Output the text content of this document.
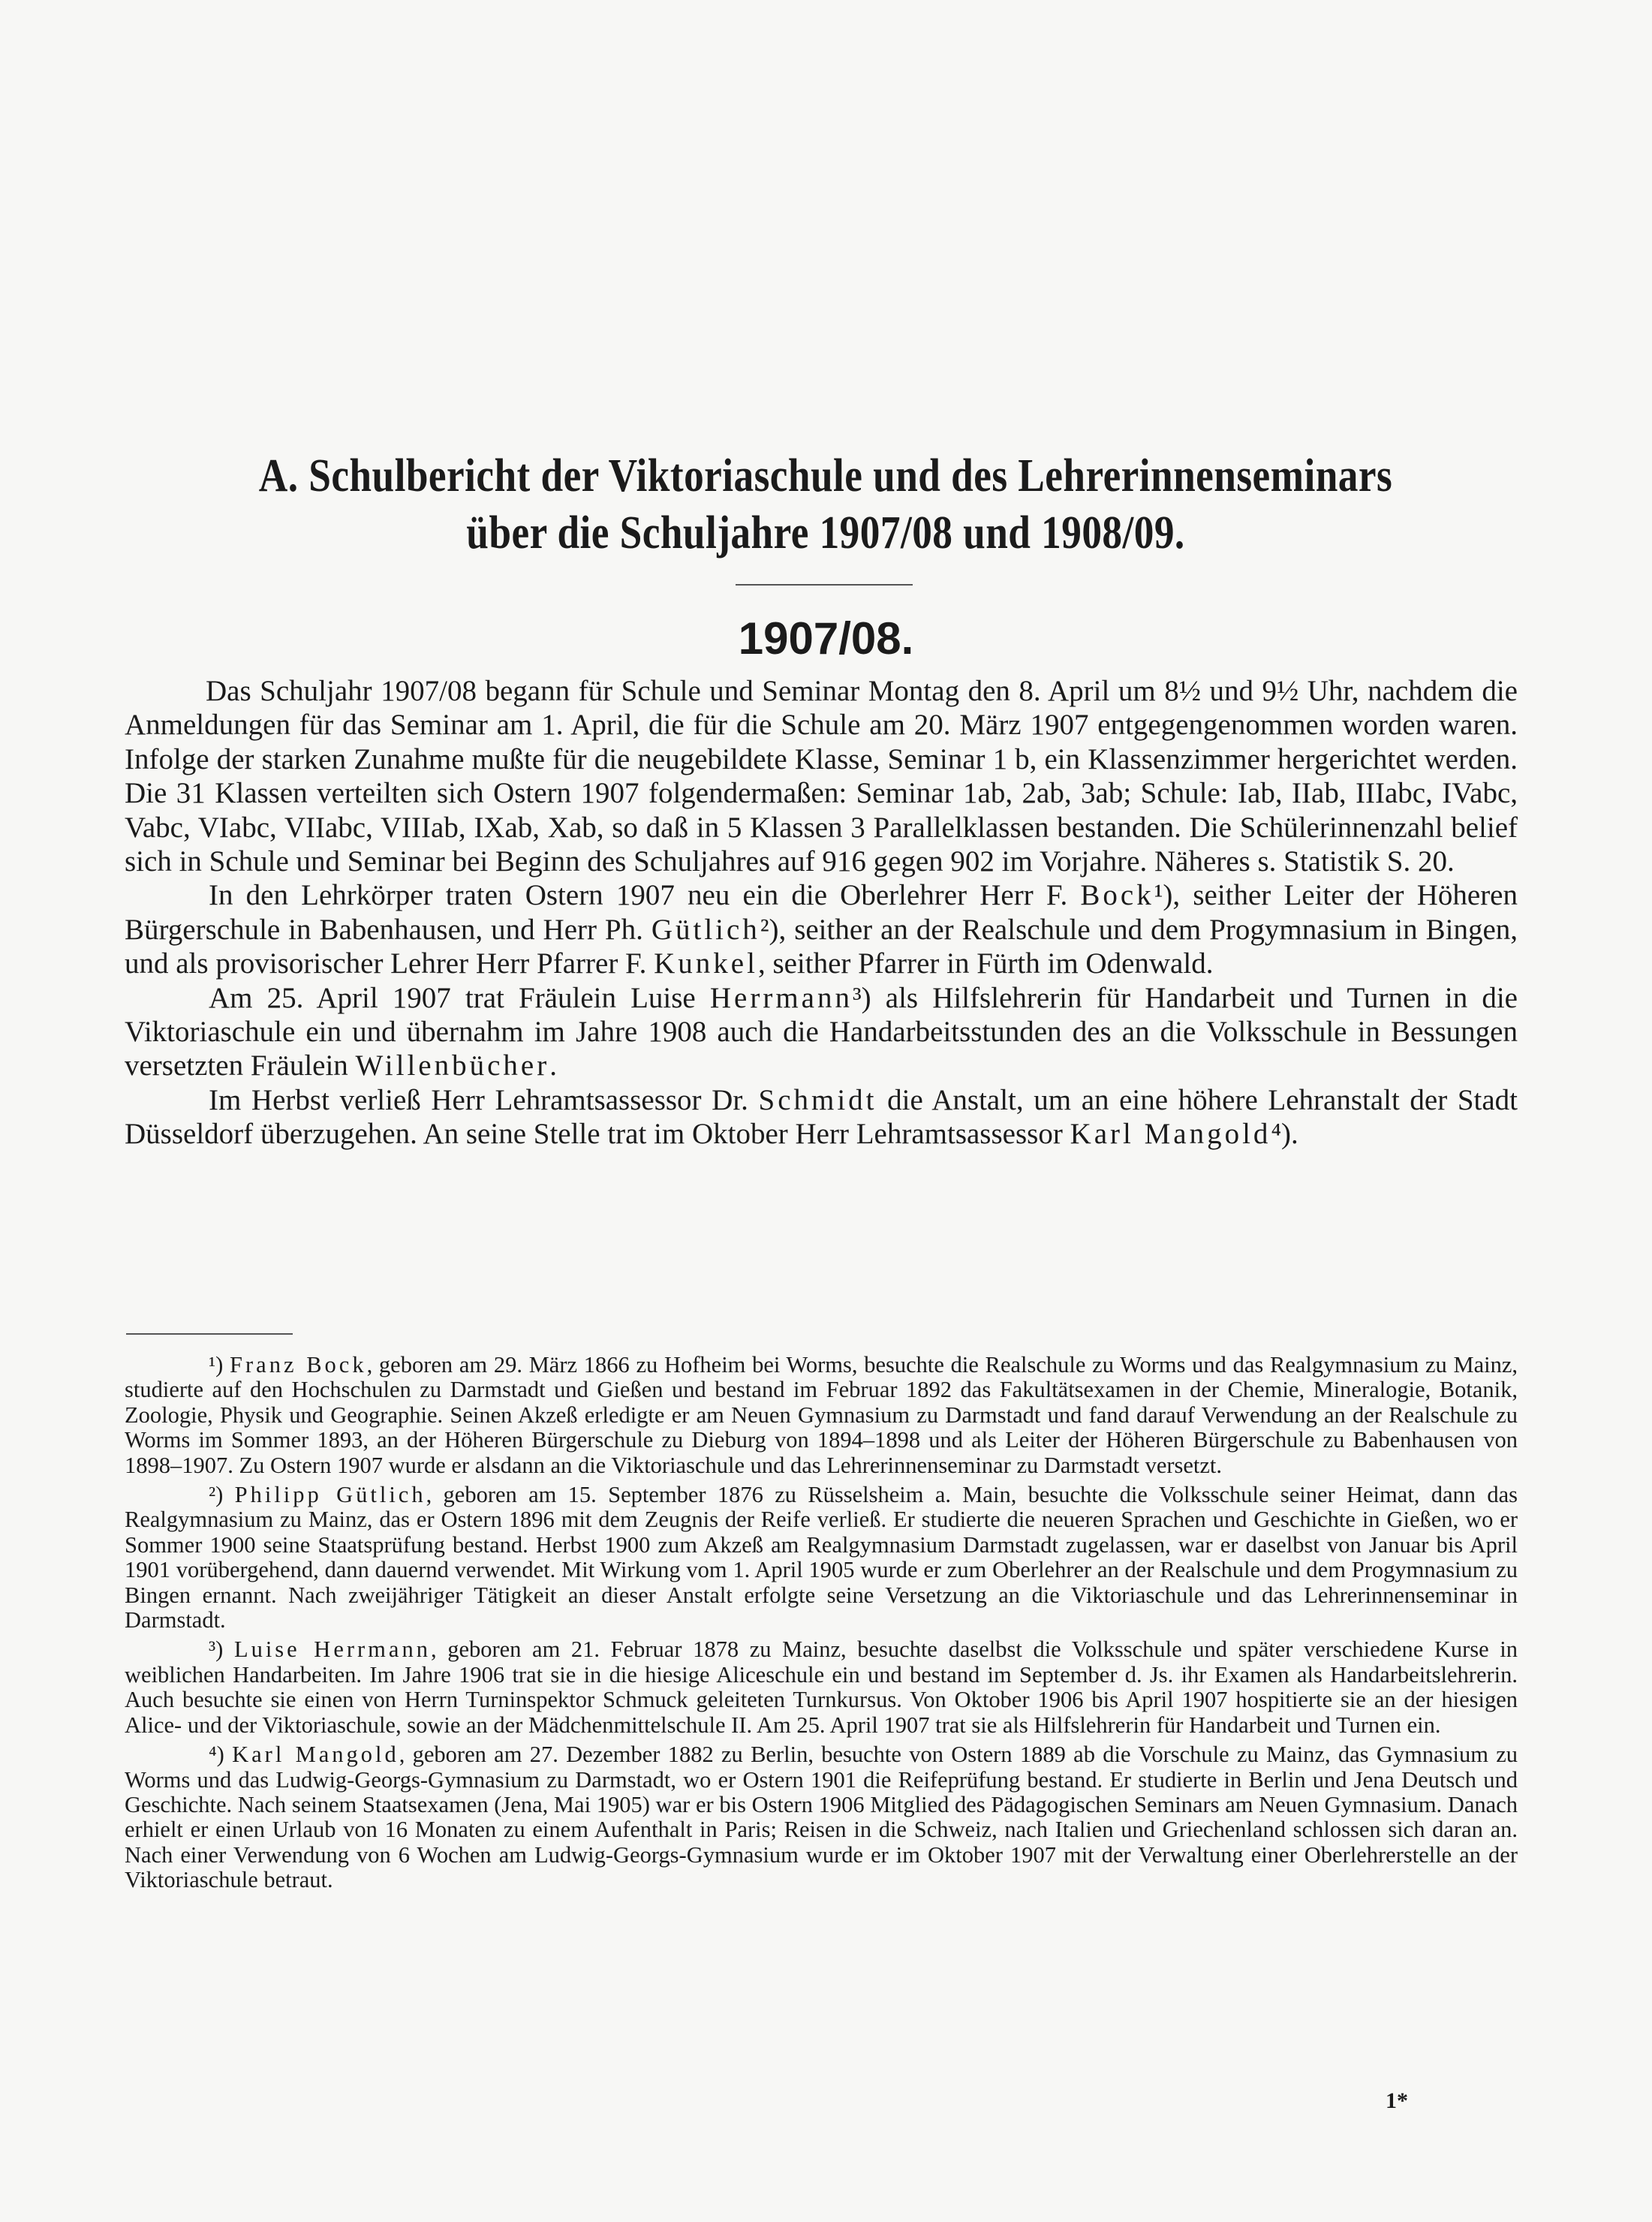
A. Schulbericht der Viktoriaschule und des Lehrerinnenseminars
über die Schuljahre 1907/08 und 1908/09.
1907/08.

Das Schuljahr 1907/08 begann für Schule und Seminar Montag den 8. April um 8½ und 9½ Uhr, nachdem die Anmeldungen für das Seminar am 1. April, die für die Schule am 20. März 1907 entgegengenommen worden waren. Infolge der starken Zunahme mußte für die neugebildete Klasse, Seminar 1 b, ein Klassenzimmer hergerichtet werden. Die 31 Klassen verteilten sich Ostern 1907 folgendermaßen: Seminar 1ab, 2ab, 3ab; Schule: Iab, IIab, IIIabc, IVabc, Vabc, VIabc, VIIabc, VIIIab, IXab, Xab, so daß in 5 Klassen 3 Parallelklassen bestanden. Die Schülerinnenzahl belief sich in Schule und Seminar bei Beginn des Schuljahres auf 916 gegen 902 im Vorjahre. Näheres s. Statistik S. 20.

In den Lehrkörper traten Ostern 1907 neu ein die Oberlehrer Herr F. Bock¹), seither Leiter der Höheren Bürgerschule in Babenhausen, und Herr Ph. Gütlich²), seither an der Realschule und dem Progymnasium in Bingen, und als provisorischer Lehrer Herr Pfarrer F. Kunkel, seither Pfarrer in Fürth im Odenwald.

Am 25. April 1907 trat Fräulein Luise Herrmann³) als Hilfslehrerin für Handarbeit und Turnen in die Viktoriaschule ein und übernahm im Jahre 1908 auch die Handarbeitsstunden des an die Volksschule in Bessungen versetzten Fräulein Willenbücher.

Im Herbst verließ Herr Lehramtsassessor Dr. Schmidt die Anstalt, um an eine höhere Lehranstalt der Stadt Düsseldorf überzugehen. An seine Stelle trat im Oktober Herr Lehramtsassessor Karl Mangold⁴).

¹) Franz Bock, geboren am 29. März 1866 zu Hofheim bei Worms, besuchte die Realschule zu Worms und das Realgymnasium zu Mainz, studierte auf den Hochschulen zu Darmstadt und Gießen und bestand im Februar 1892 das Fakultätsexamen in der Chemie, Mineralogie, Botanik, Zoologie, Physik und Geographie. Seinen Akzeß erledigte er am Neuen Gymnasium zu Darmstadt und fand darauf Verwendung an der Realschule zu Worms im Sommer 1893, an der Höheren Bürgerschule zu Dieburg von 1894–1898 und als Leiter der Höheren Bürgerschule zu Babenhausen von 1898–1907. Zu Ostern 1907 wurde er alsdann an die Viktoriaschule und das Lehrerinnenseminar zu Darmstadt versetzt.

²) Philipp Gütlich, geboren am 15. September 1876 zu Rüsselsheim a. Main, besuchte die Volksschule seiner Heimat, dann das Realgymnasium zu Mainz, das er Ostern 1896 mit dem Zeugnis der Reife verließ. Er studierte die neueren Sprachen und Geschichte in Gießen, wo er Sommer 1900 seine Staatsprüfung bestand. Herbst 1900 zum Akzeß am Realgymnasium Darmstadt zugelassen, war er daselbst von Januar bis April 1901 vorübergehend, dann dauernd verwendet. Mit Wirkung vom 1. April 1905 wurde er zum Oberlehrer an der Realschule und dem Progymnasium zu Bingen ernannt. Nach zweijähriger Tätigkeit an dieser Anstalt erfolgte seine Versetzung an die Viktoriaschule und das Lehrerinnenseminar in Darmstadt.

³) Luise Herrmann, geboren am 21. Februar 1878 zu Mainz, besuchte daselbst die Volksschule und später verschiedene Kurse in weiblichen Handarbeiten. Im Jahre 1906 trat sie in die hiesige Aliceschule ein und bestand im September d. Js. ihr Examen als Handarbeitslehrerin. Auch besuchte sie einen von Herrn Turninspektor Schmuck geleiteten Turnkursus. Von Oktober 1906 bis April 1907 hospitierte sie an der hiesigen Alice- und der Viktoriaschule, sowie an der Mädchenmittelschule II. Am 25. April 1907 trat sie als Hilfslehrerin für Handarbeit und Turnen ein.

⁴) Karl Mangold, geboren am 27. Dezember 1882 zu Berlin, besuchte von Ostern 1889 ab die Vorschule zu Mainz, das Gymnasium zu Worms und das Ludwig-Georgs-Gymnasium zu Darmstadt, wo er Ostern 1901 die Reifeprüfung bestand. Er studierte in Berlin und Jena Deutsch und Geschichte. Nach seinem Staatsexamen (Jena, Mai 1905) war er bis Ostern 1906 Mitglied des Pädagogischen Seminars am Neuen Gymnasium. Danach erhielt er einen Urlaub von 16 Monaten zu einem Aufenthalt in Paris; Reisen in die Schweiz, nach Italien und Griechenland schlossen sich daran an. Nach einer Verwendung von 6 Wochen am Ludwig-Georgs-Gymnasium wurde er im Oktober 1907 mit der Verwaltung einer Oberlehrerstelle an der Viktoriaschule betraut.

1*
